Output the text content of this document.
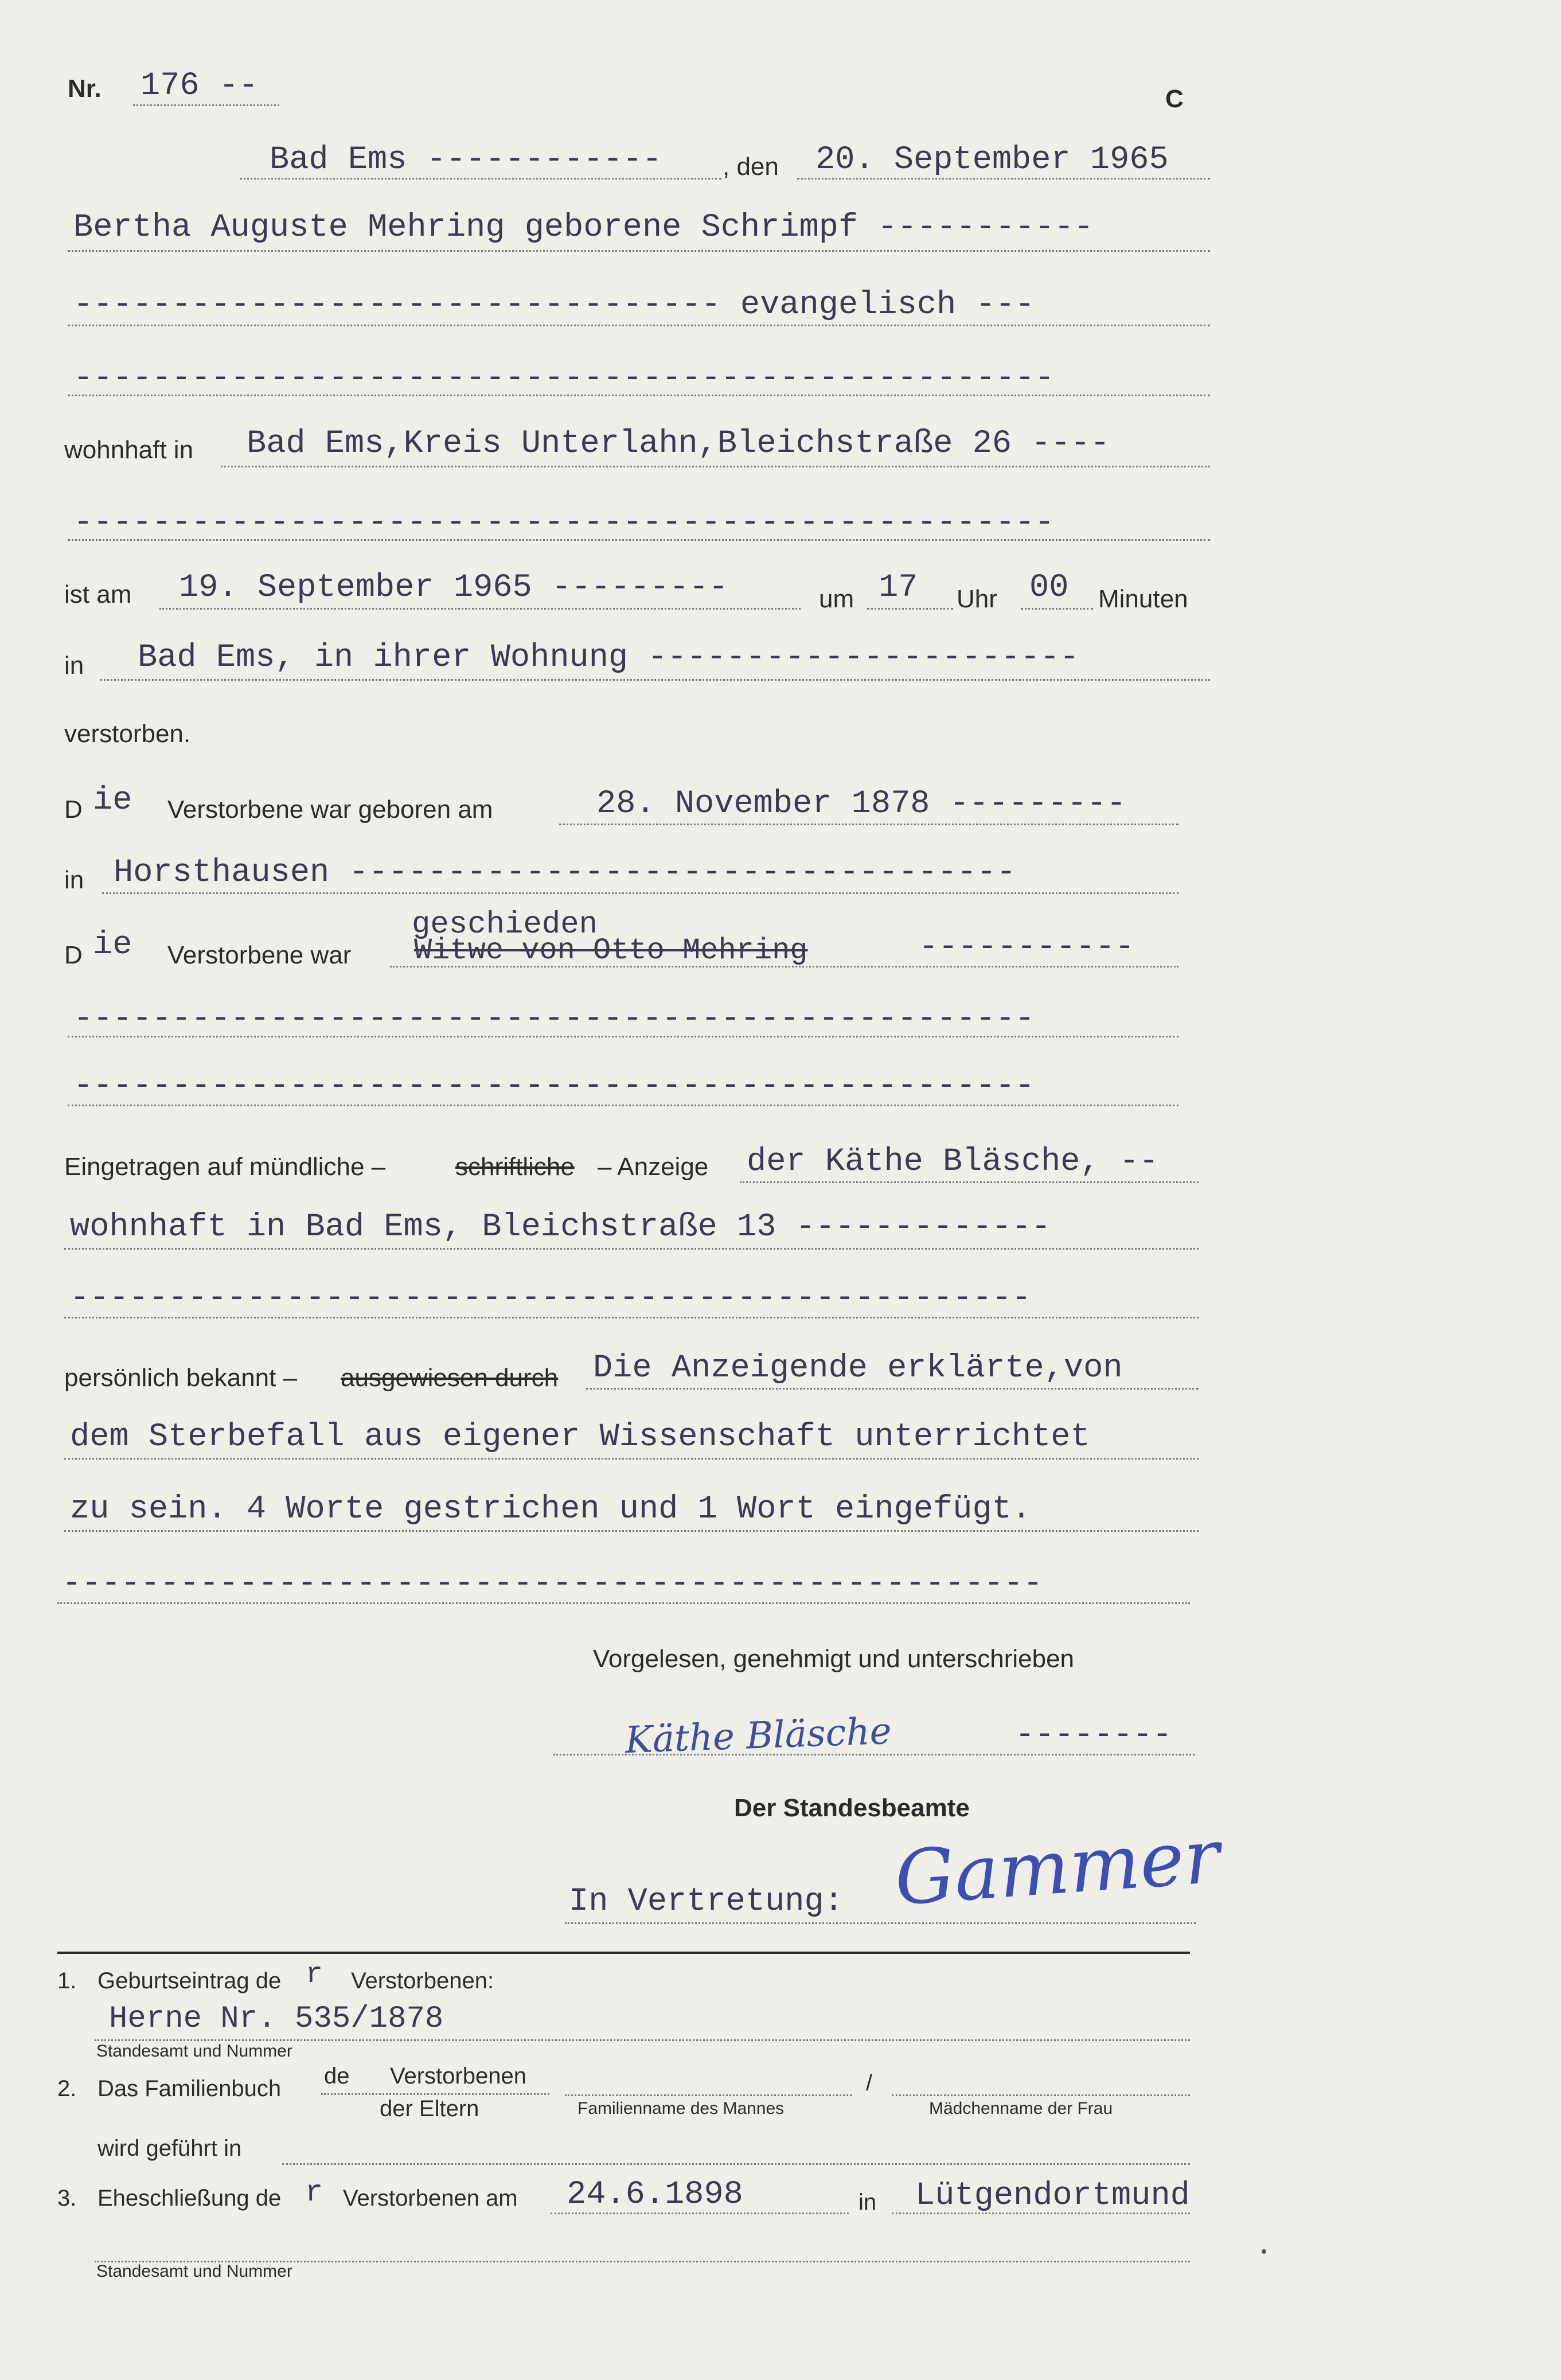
Nr. 176 --	C
Bad Ems ------------ , den 20. September 1965
Bertha Auguste Mehring geborene Schrimpf -----------
--------------------------------- evangelisch ---
--------------------------------------------------
wohnhaft in Bad Ems,Kreis Unterlahn,Bleichstraße 26 ----
--------------------------------------------------
ist am 19. September 1965 ---------	um 17 Uhr 00 Minuten
in Bad Ems, in ihrer Wohnung ----------------------
verstorben.
D ie Verstorbene war geboren am	28. November 1878 ---------
in Horsthausen ----------------------------------
D ie Verstorbene war
geschieden
Witwe von Otto Mehring	-----------
-------------------------------------------------
-------------------------------------------------
Eingetragen auf mündliche –	schriftliche – Anzeige der Käthe Bläsche, --
wohnhaft in Bad Ems, Bleichstraße 13 -------------
-------------------------------------------------
persönlich bekannt – ausgewiesen durch Die Anzeigende erklärte,von
dem Sterbefall aus eigener Wissenschaft unterrichtet
zu sein. 4 Worte gestrichen und 1 Wort eingefügt.
--------------------------------------------------
Vorgelesen, genehmigt und unterschrieben
Käthe Bläsche	--------
Der Standesbeamte
In Vertretung: Gammer
1. Geburtseintrag de r Verstorbenen:
Herne Nr. 535/1878
Standesamt und Nummer
2. Das Familienbuch de Verstorbenen
der Eltern	Familienname des Mannes
/
Mädchenname der Frau
wird geführt in
3. Eheschließung de r Verstorbenen am 24.6.1898	in Lütgendortmund
Standesamt und Nummer
